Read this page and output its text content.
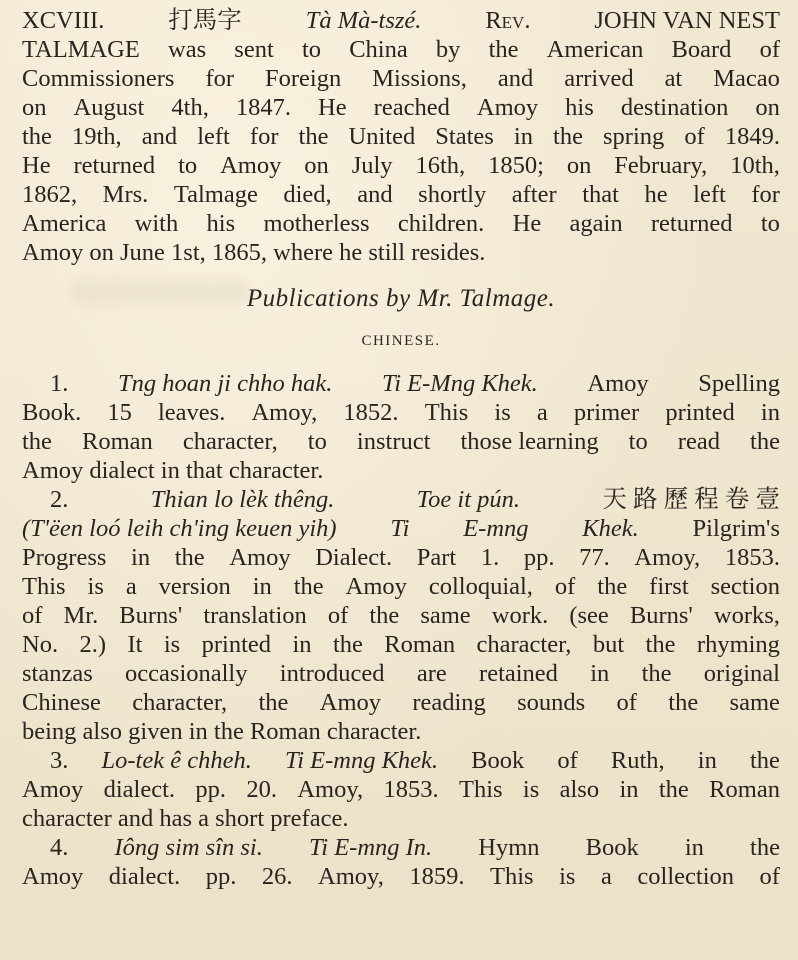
XCVIII.	打馬字	Tà Mà-tszé.	Rev.	JOHN VAN NEST
TALMAGE was sent to China by the American Board of
Commissioners for Foreign Missions, and arrived at Macao
on August 4th, 1847. He reached Amoy his destination on
the 19th, and left for the United States in the spring of 1849.
He returned to Amoy on July 16th, 1850; on February, 10th,
1862, Mrs. Talmage died, and shortly after that he left for
America with his motherless children. He again returned to
Amoy on June 1st, 1865, where he still resides.
Publications by Mr. Talmage.
CHINESE.
1. Tng hoan ji chho hak. Ti E-Mng Khek. Amoy Spelling
Book. 15 leaves. Amoy, 1852. This is a primer printed in
the Roman character, to instruct those learning to read the
Amoy dialect in that character.
2.	Thian lo lèk thêng.	Toe it pún.	天 路 歷 程 卷 壹
(T'ëen loó leih ch'ing keuen yih) Ti E-mng Khek. Pilgrim's
Progress in the Amoy Dialect. Part 1. pp. 77. Amoy, 1853.
This is a version in the Amoy colloquial, of the first section
of Mr. Burns' translation of the same work. (see Burns' works,
No. 2.) It is printed in the Roman character, but the rhyming
stanzas occasionally introduced are retained in the original
Chinese character, the Amoy reading sounds of the same
being also given in the Roman character.
3. Lo-tek ê chheh. Ti E-mng Khek. Book of Ruth, in the
Amoy dialect. pp. 20. Amoy, 1853. This is also in the Roman
character and has a short preface.
4. Iông sim sîn si. Ti E-mng In. Hymn Book in the
Amoy dialect. pp. 26. Amoy, 1859. This is a collection of
